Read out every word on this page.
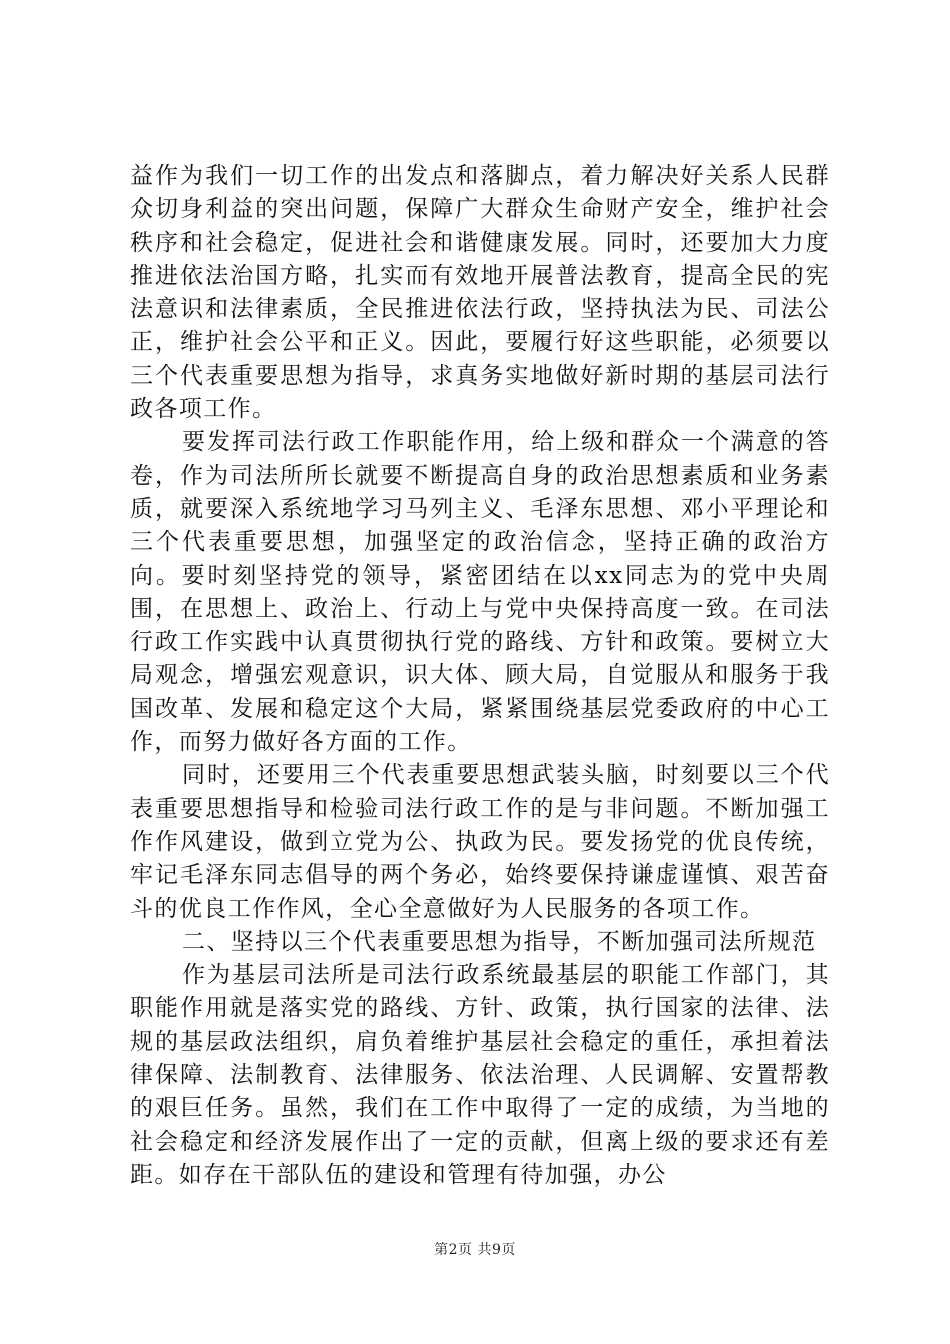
益作为我们一切工作的出发点和落脚点，着力解决好关系人民群众切身利益的突出问题，保障广大群众生命财产安全，维护社会秩序和社会稳定，促进社会和谐健康发展。同时，还要加大力度推进依法治国方略，扎实而有效地开展普法教育，提高全民的宪法意识和法律素质，全民推进依法行政，坚持执法为民、司法公正，维护社会公平和正义。因此，要履行好这些职能，必须要以三个代表重要思想为指导，求真务实地做好新时期的基层司法行政各项工作。

要发挥司法行政工作职能作用，给上级和群众一个满意的答卷，作为司法所所长就要不断提高自身的政治思想素质和业务素质，就要深入系统地学习马列主义、毛泽东思想、邓小平理论和三个代表重要思想，加强坚定的政治信念，坚持正确的政治方向。要时刻坚持党的领导，紧密团结在以xx同志为的党中央周围，在思想上、政治上、行动上与党中央保持高度一致。在司法行政工作实践中认真贯彻执行党的路线、方针和政策。要树立大局观念，增强宏观意识，识大体、顾大局，自觉服从和服务于我国改革、发展和稳定这个大局，紧紧围绕基层党委政府的中心工作，而努力做好各方面的工作。

同时，还要用三个代表重要思想武装头脑，时刻要以三个代表重要思想指导和检验司法行政工作的是与非问题。不断加强工作作风建设，做到立党为公、执政为民。要发扬党的优良传统，牢记毛泽东同志倡导的两个务必，始终要保持谦虚谨慎、艰苦奋斗的优良工作作风，全心全意做好为人民服务的各项工作。

二、坚持以三个代表重要思想为指导，不断加强司法所规范

作为基层司法所是司法行政系统最基层的职能工作部门，其职能作用就是落实党的路线、方针、政策，执行国家的法律、法规的基层政法组织，肩负着维护基层社会稳定的重任，承担着法律保障、法制教育、法律服务、依法治理、人民调解、安置帮教的艰巨任务。虽然，我们在工作中取得了一定的成绩，为当地的社会稳定和经济发展作出了一定的贡献，但离上级的要求还有差距。如存在干部队伍的建设和管理有待加强，办公

第2页 共9页
